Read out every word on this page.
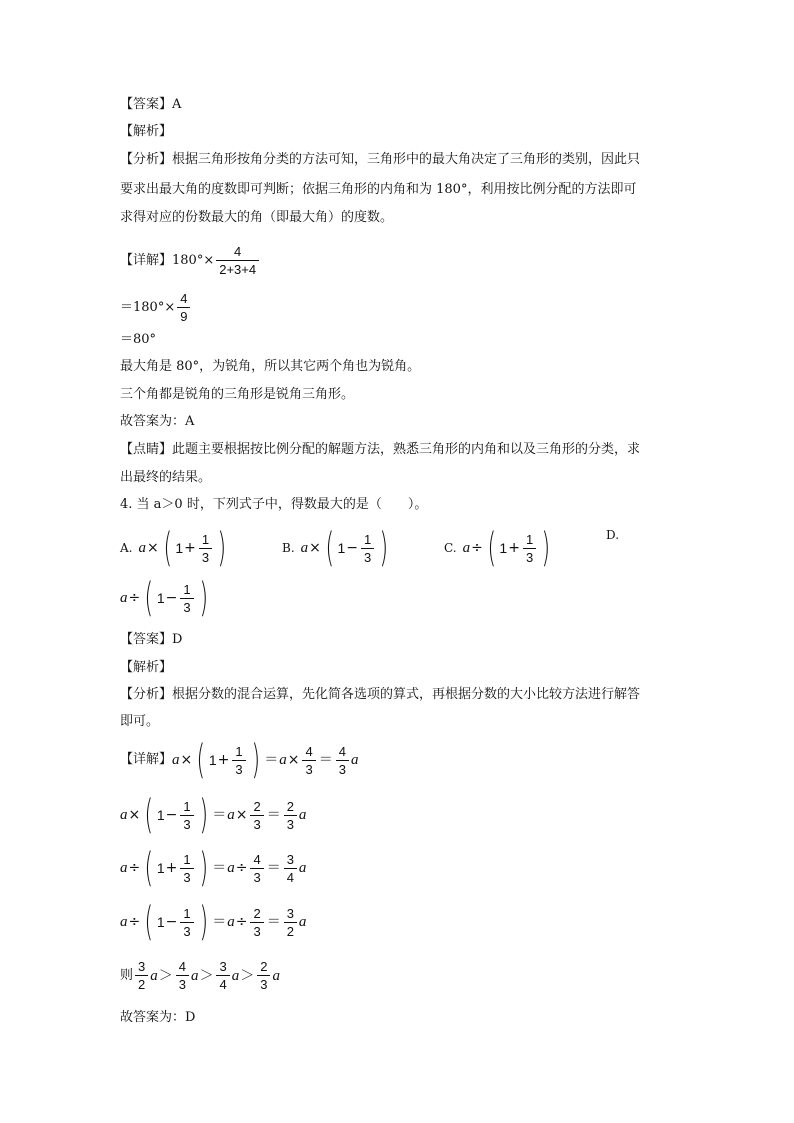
【答案】A
【解析】
【分析】根据三角形按角分类的方法可知，三角形中的最大角决定了三角形的类别，因此只
要求出最大角的度数即可判断；依据三角形的内角和为 180°，利用按比例分配的方法即可
求得对应的份数最大的角（即最大角）的度数。
【详解】 $180^\circ\times \frac{4}{2+3+4}$
$=180^\circ\times \frac{4}{9}$
＝80°
最大角是 80°，为锐角，所以其它两个角也为锐角。
三个角都是锐角的三角形是锐角三角形。
故答案为：A
【点睛】此题主要根据按比例分配的解题方法，熟悉三角形的内角和以及三角形的分类，求
出最终的结果。
4. 当 a＞0 时，下列式子中，得数最大的是（　　）。
A. a × ( $1 + \frac{1}{3}$ )	B. a × ( $1 - \frac{1}{3}$ )	C. a ÷ ( $1 + \frac{1}{3}$ )	D.
a ÷ ( $1 - \frac{1}{3}$ )
【答案】D
【解析】
【分析】根据分数的混合运算，先化简各选项的算式，再根据分数的大小比较方法进行解答
即可。
【详解】 a × ( $1 + \frac{1}{3}$ ) ＝ $a \times \frac{4}{3} = \frac{4}{3}$ a
a × ( $1 - \frac{1}{3}$ ) ＝ $a \times \frac{2}{3} = \frac{2}{3}$ a
a ÷ ( $1 + \frac{1}{3}$ ) ＝ $a \div \frac{4}{3} = \frac{3}{4}$ a
a ÷ ( $1 - \frac{1}{3}$ ) ＝ $a \div \frac{2}{3} = \frac{3}{2}$ a
则 $\frac{3}{2}$ $a > \frac{4}{3}$ $a > \frac{3}{4}$ $a > \frac{2}{3}$ a
故答案为：D
